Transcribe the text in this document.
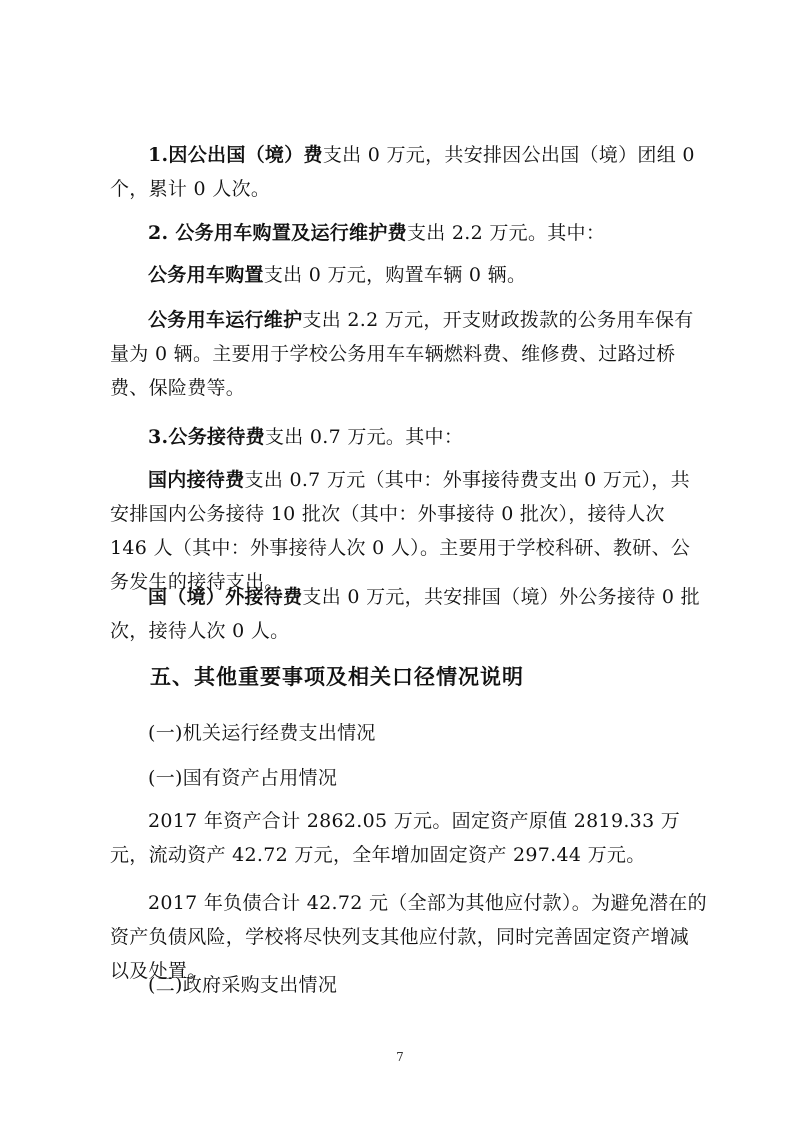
1.因公出国（境）费支出 0 万元，共安排因公出国（境）团组 0 个，累计 0 人次。

2. 公务用车购置及运行维护费支出 2.2 万元。其中：

公务用车购置支出 0 万元，购置车辆 0 辆。

公务用车运行维护支出 2.2 万元，开支财政拨款的公务用车保有量为 0 辆。主要用于学校公务用车车辆燃料费、维修费、过路过桥费、保险费等。

3.公务接待费支出 0.7 万元。其中：

国内接待费支出 0.7 万元（其中：外事接待费支出 0 万元），共安排国内公务接待 10 批次（其中：外事接待 0 批次），接待人次 146 人（其中：外事接待人次 0 人）。主要用于学校科研、教研、公务发生的接待支出。

国（境）外接待费支出 0 万元，共安排国（境）外公务接待 0 批次，接待人次 0 人。

五、其他重要事项及相关口径情况说明

(一)机关运行经费支出情况

(一)国有资产占用情况

2017 年资产合计 2862.05 万元。固定资产原值 2819.33 万元，流动资产 42.72 万元，全年增加固定资产 297.44 万元。

2017 年负债合计 42.72 元（全部为其他应付款）。为避免潜在的资产负债风险，学校将尽快列支其他应付款，同时完善固定资产增减以及处置。

(二)政府采购支出情况

7
